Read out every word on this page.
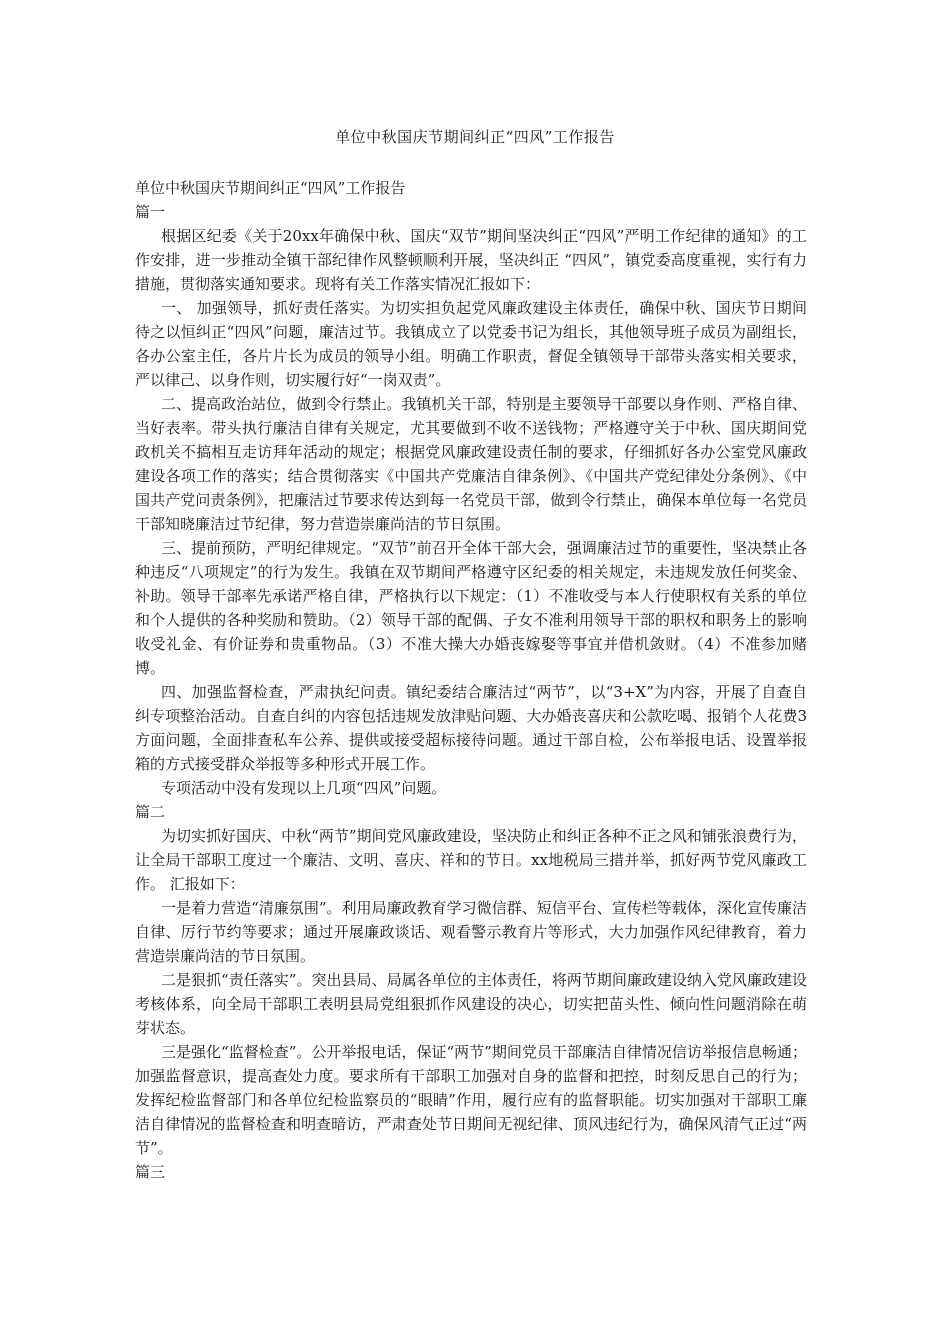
单位中秋国庆节期间纠正“四风”工作报告

单位中秋国庆节期间纠正“四风”工作报告

篇一

根据区纪委《关于20xx年确保中秋、国庆“双节”期间坚决纠正“四风”严明工作纪律的通知》的工作安排，进一步推动全镇干部纪律作风整顿顺利开展，坚决纠正 “四风”，镇党委高度重视，实行有力措施，贯彻落实通知要求。现将有关工作落实情况汇报如下：

一、 加强领导，抓好责任落实。为切实担负起党风廉政建设主体责任，确保中秋、国庆节日期间待之以恒纠正“四风”问题，廉洁过节。我镇成立了以党委书记为组长，其他领导班子成员为副组长，各办公室主任，各片片长为成员的领导小组。明确工作职责，督促全镇领导干部带头落实相关要求，严以律己、以身作则，切实履行好“一岗双责”。

二、提高政治站位，做到令行禁止。我镇机关干部，特别是主要领导干部要以身作则、严格自律、当好表率。带头执行廉洁自律有关规定，尤其要做到不收不送钱物；严格遵守关于中秋、国庆期间党政机关不搞相互走访拜年活动的规定；根据党风廉政建设责任制的要求，仔细抓好各办公室党风廉政建设各项工作的落实；结合贯彻落实《中国共产党廉洁自律条例》、《中国共产党纪律处分条例》、《中国共产党问责条例》，把廉洁过节要求传达到每一名党员干部，做到令行禁止，确保本单位每一名党员干部知晓廉洁过节纪律，努力营造崇廉尚洁的节日氛围。

三、提前预防，严明纪律规定。“双节”前召开全体干部大会，强调廉洁过节的重要性，坚决禁止各种违反“八项规定”的行为发生。我镇在双节期间严格遵守区纪委的相关规定，未违规发放任何奖金、补助。领导干部率先承诺严格自律，严格执行以下规定：（1）不准收受与本人行使职权有关系的单位和个人提供的各种奖励和赞助。（2）领导干部的配偶、子女不准利用领导干部的职权和职务上的影响收受礼金、有价证券和贵重物品。（3）不准大操大办婚丧嫁娶等事宜并借机敛财。（4）不准参加赌博。

四、加强监督检查，严肃执纪问责。镇纪委结合廉洁过“两节”，以“3+X”为内容，开展了自查自纠专项整治活动。自查自纠的内容包括违规发放津贴问题、大办婚丧喜庆和公款吃喝、报销个人花费3方面问题，全面排查私车公养、提供或接受超标接待问题。通过干部自检，公布举报电话、设置举报箱的方式接受群众举报等多种形式开展工作。

专项活动中没有发现以上几项“四风”问题。

篇二

为切实抓好国庆、中秋“两节”期间党风廉政建设，坚决防止和纠正各种不正之风和铺张浪费行为，让全局干部职工度过一个廉洁、文明、喜庆、祥和的节日。xx地税局三措并举，抓好两节党风廉政工作。 汇报如下：

一是着力营造“清廉氛围”。利用局廉政教育学习微信群、短信平台、宣传栏等载体，深化宣传廉洁自律、厉行节约等要求；通过开展廉政谈话、观看警示教育片等形式，大力加强作风纪律教育，着力营造崇廉尚洁的节日氛围。

二是狠抓“责任落实”。突出县局、局属各单位的主体责任，将两节期间廉政建设纳入党风廉政建设考核体系，向全局干部职工表明县局党组狠抓作风建设的决心，切实把苗头性、倾向性问题消除在萌芽状态。

三是强化“监督检查”。公开举报电话，保证“两节”期间党员干部廉洁自律情况信访举报信息畅通；加强监督意识，提高查处力度。要求所有干部职工加强对自身的监督和把控，时刻反思自己的行为；发挥纪检监督部门和各单位纪检监察员的“眼睛”作用，履行应有的监督职能。切实加强对干部职工廉洁自律情况的监督检查和明查暗访，严肃查处节日期间无视纪律、顶风违纪行为，确保风清气正过“两节”。

篇三
